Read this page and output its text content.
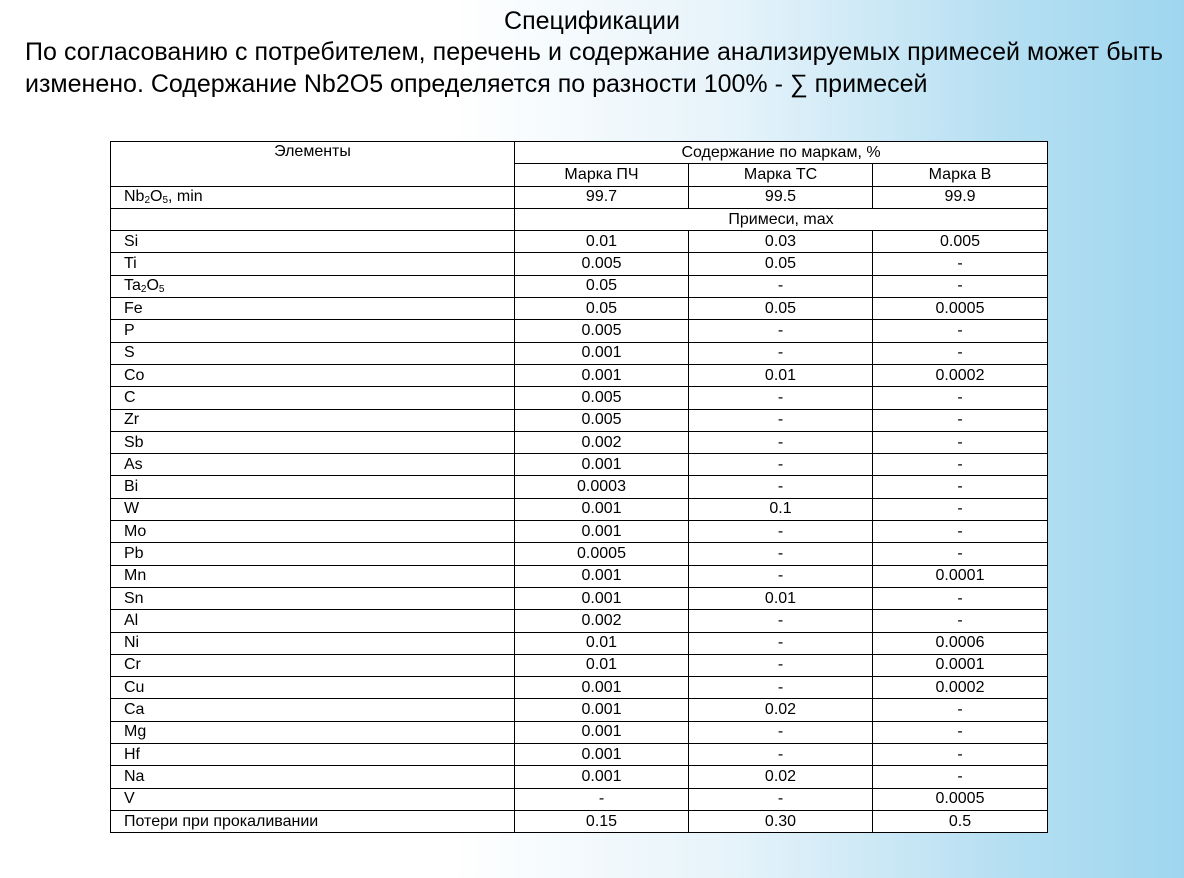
Спецификации
По согласованию с потребителем, перечень и содержание анализируемых примесей может быть изменено. Содержание Nb2O5 определяется по разности 100% - ∑ примесей
Элементы	Содержание по маркам, %		
	Марка ПЧ	Марка ТС	Марка В
$Nb_2O_5$, min	99.7	99.5	99.9
	Примеси, max		
Si	0.01	0.03	0.005
Ti	0.005	0.05	-
$Ta_2O_5$	0.05	-	-
Fe	0.05	0.05	0.0005
P	0.005	-	-
S	0.001	-	-
Co	0.001	0.01	0.0002
C	0.005	-	-
Zr	0.005	-	-
Sb	0.002	-	-
As	0.001	-	-
Bi	0.0003	-	-
W	0.001	0.1	-
Mo	0.001	-	-
Pb	0.0005	-	-
Mn	0.001	-	0.0001
Sn	0.001	0.01	-
Al	0.002	-	-
Ni	0.01	-	0.0006
Cr	0.01	-	0.0001
Cu	0.001	-	0.0002
Ca	0.001	0.02	-
Mg	0.001	-	-
Hf	0.001	-	-
Na	0.001	0.02	-
V	-	-	0.0005
Потери при прокаливании	0.15	0.30	0.5
